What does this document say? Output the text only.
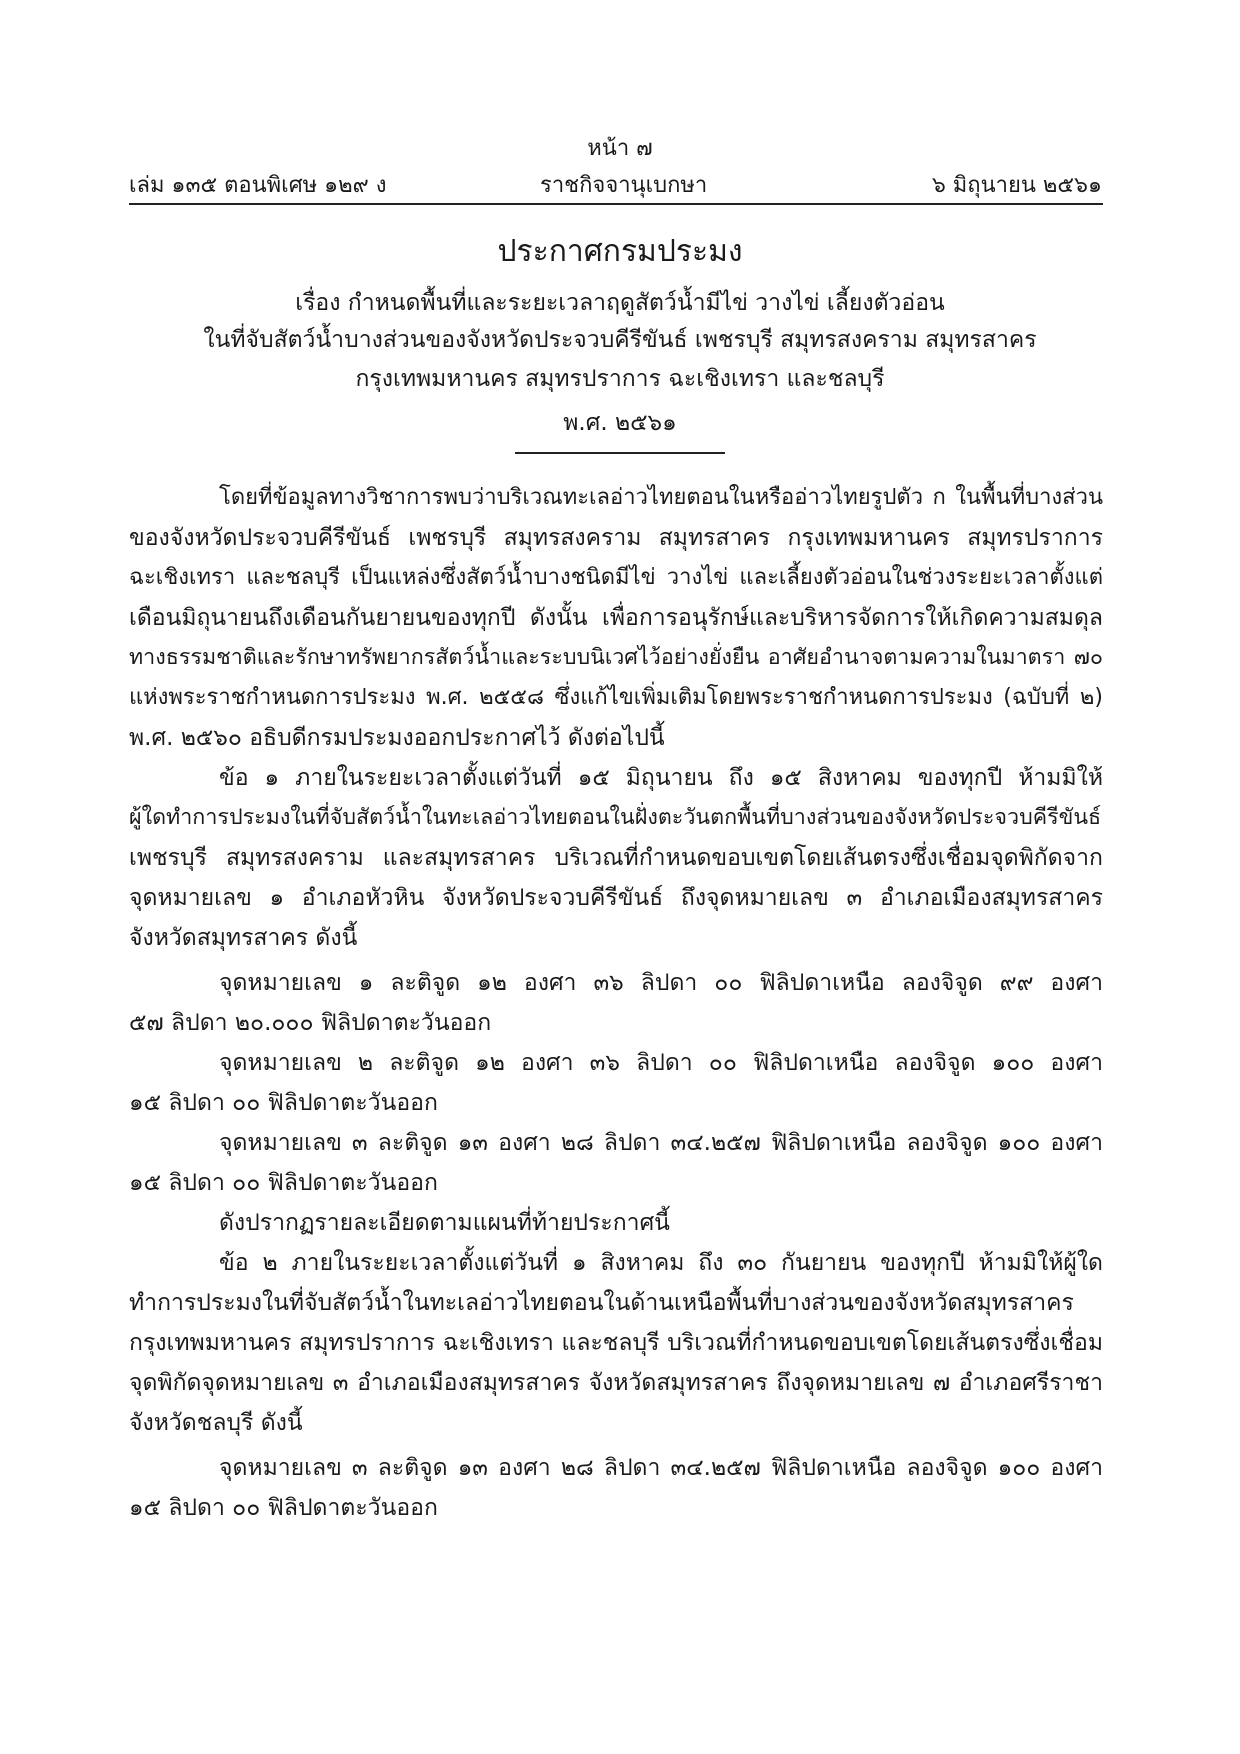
หน้า ๗
เล่ม ๑๓๕ ตอนพิเศษ ๑๒๙ ง	ราชกิจจานุเบกษา	๖ มิถุนายน ๒๕๖๑
ประกาศกรมประมง
เรื่อง กำหนดพื้นที่และระยะเวลาฤดูสัตว์น้ำมีไข่ วางไข่ เลี้ยงตัวอ่อน
ในที่จับสัตว์น้ำบางส่วนของจังหวัดประจวบคีรีขันธ์ เพชรบุรี สมุทรสงคราม สมุทรสาคร
กรุงเทพมหานคร สมุทรปราการ ฉะเชิงเทรา และชลบุรี
พ.ศ. ๒๕๖๑
โดยที่ข้อมูลทางวิชาการพบว่าบริเวณทะเลอ่าวไทยตอนในหรืออ่าวไทยรูปตัว ก ในพื้นที่บางส่วน
ของจังหวัดประจวบคีรีขันธ์ เพชรบุรี สมุทรสงคราม สมุทรสาคร กรุงเทพมหานคร สมุทรปราการ
ฉะเชิงเทรา และชลบุรี เป็นแหล่งซึ่งสัตว์น้ำบางชนิดมีไข่ วางไข่ และเลี้ยงตัวอ่อนในช่วงระยะเวลาตั้งแต่
เดือนมิถุนายนถึงเดือนกันยายนของทุกปี ดังนั้น เพื่อการอนุรักษ์และบริหารจัดการให้เกิดความสมดุล
ทางธรรมชาติและรักษาทรัพยากรสัตว์น้ำและระบบนิเวศไว้อย่างยั่งยืน อาศัยอำนาจตามความในมาตรา ๗๐
แห่งพระราชกำหนดการประมง พ.ศ. ๒๕๕๘ ซึ่งแก้ไขเพิ่มเติมโดยพระราชกำหนดการประมง (ฉบับที่ ๒)
พ.ศ. ๒๕๖๐ อธิบดีกรมประมงออกประกาศไว้ ดังต่อไปนี้
ข้อ ๑ ภายในระยะเวลาตั้งแต่วันที่ ๑๕ มิถุนายน ถึง ๑๕ สิงหาคม ของทุกปี ห้ามมิให้
ผู้ใดทำการประมงในที่จับสัตว์น้ำในทะเลอ่าวไทยตอนในฝั่งตะวันตกพื้นที่บางส่วนของจังหวัดประจวบคีรีขันธ์
เพชรบุรี สมุทรสงคราม และสมุทรสาคร บริเวณที่กำหนดขอบเขตโดยเส้นตรงซึ่งเชื่อมจุดพิกัดจาก
จุดหมายเลข ๑ อำเภอหัวหิน จังหวัดประจวบคีรีขันธ์ ถึงจุดหมายเลข ๓ อำเภอเมืองสมุทรสาคร
จังหวัดสมุทรสาคร ดังนี้
จุดหมายเลข ๑ ละติจูด ๑๒ องศา ๓๖ ลิปดา ๐๐ ฟิลิปดาเหนือ ลองจิจูด ๙๙ องศา
๕๗ ลิปดา ๒๐.๐๐๐ ฟิลิปดาตะวันออก
จุดหมายเลข ๒ ละติจูด ๑๒ องศา ๓๖ ลิปดา ๐๐ ฟิลิปดาเหนือ ลองจิจูด ๑๐๐ องศา
๑๕ ลิปดา ๐๐ ฟิลิปดาตะวันออก
จุดหมายเลข ๓ ละติจูด ๑๓ องศา ๒๘ ลิปดา ๓๔.๒๕๗ ฟิลิปดาเหนือ ลองจิจูด ๑๐๐ องศา
๑๕ ลิปดา ๐๐ ฟิลิปดาตะวันออก
ดังปรากฏรายละเอียดตามแผนที่ท้ายประกาศนี้
ข้อ ๒ ภายในระยะเวลาตั้งแต่วันที่ ๑ สิงหาคม ถึง ๓๐ กันยายน ของทุกปี ห้ามมิให้ผู้ใด
ทำการประมงในที่จับสัตว์น้ำในทะเลอ่าวไทยตอนในด้านเหนือพื้นที่บางส่วนของจังหวัดสมุทรสาคร
กรุงเทพมหานคร สมุทรปราการ ฉะเชิงเทรา และชลบุรี บริเวณที่กำหนดขอบเขตโดยเส้นตรงซึ่งเชื่อม
จุดพิกัดจุดหมายเลข ๓ อำเภอเมืองสมุทรสาคร จังหวัดสมุทรสาคร ถึงจุดหมายเลข ๗ อำเภอศรีราชา
จังหวัดชลบุรี ดังนี้
จุดหมายเลข ๓ ละติจูด ๑๓ องศา ๒๘ ลิปดา ๓๔.๒๕๗ ฟิลิปดาเหนือ ลองจิจูด ๑๐๐ องศา
๑๕ ลิปดา ๐๐ ฟิลิปดาตะวันออก
